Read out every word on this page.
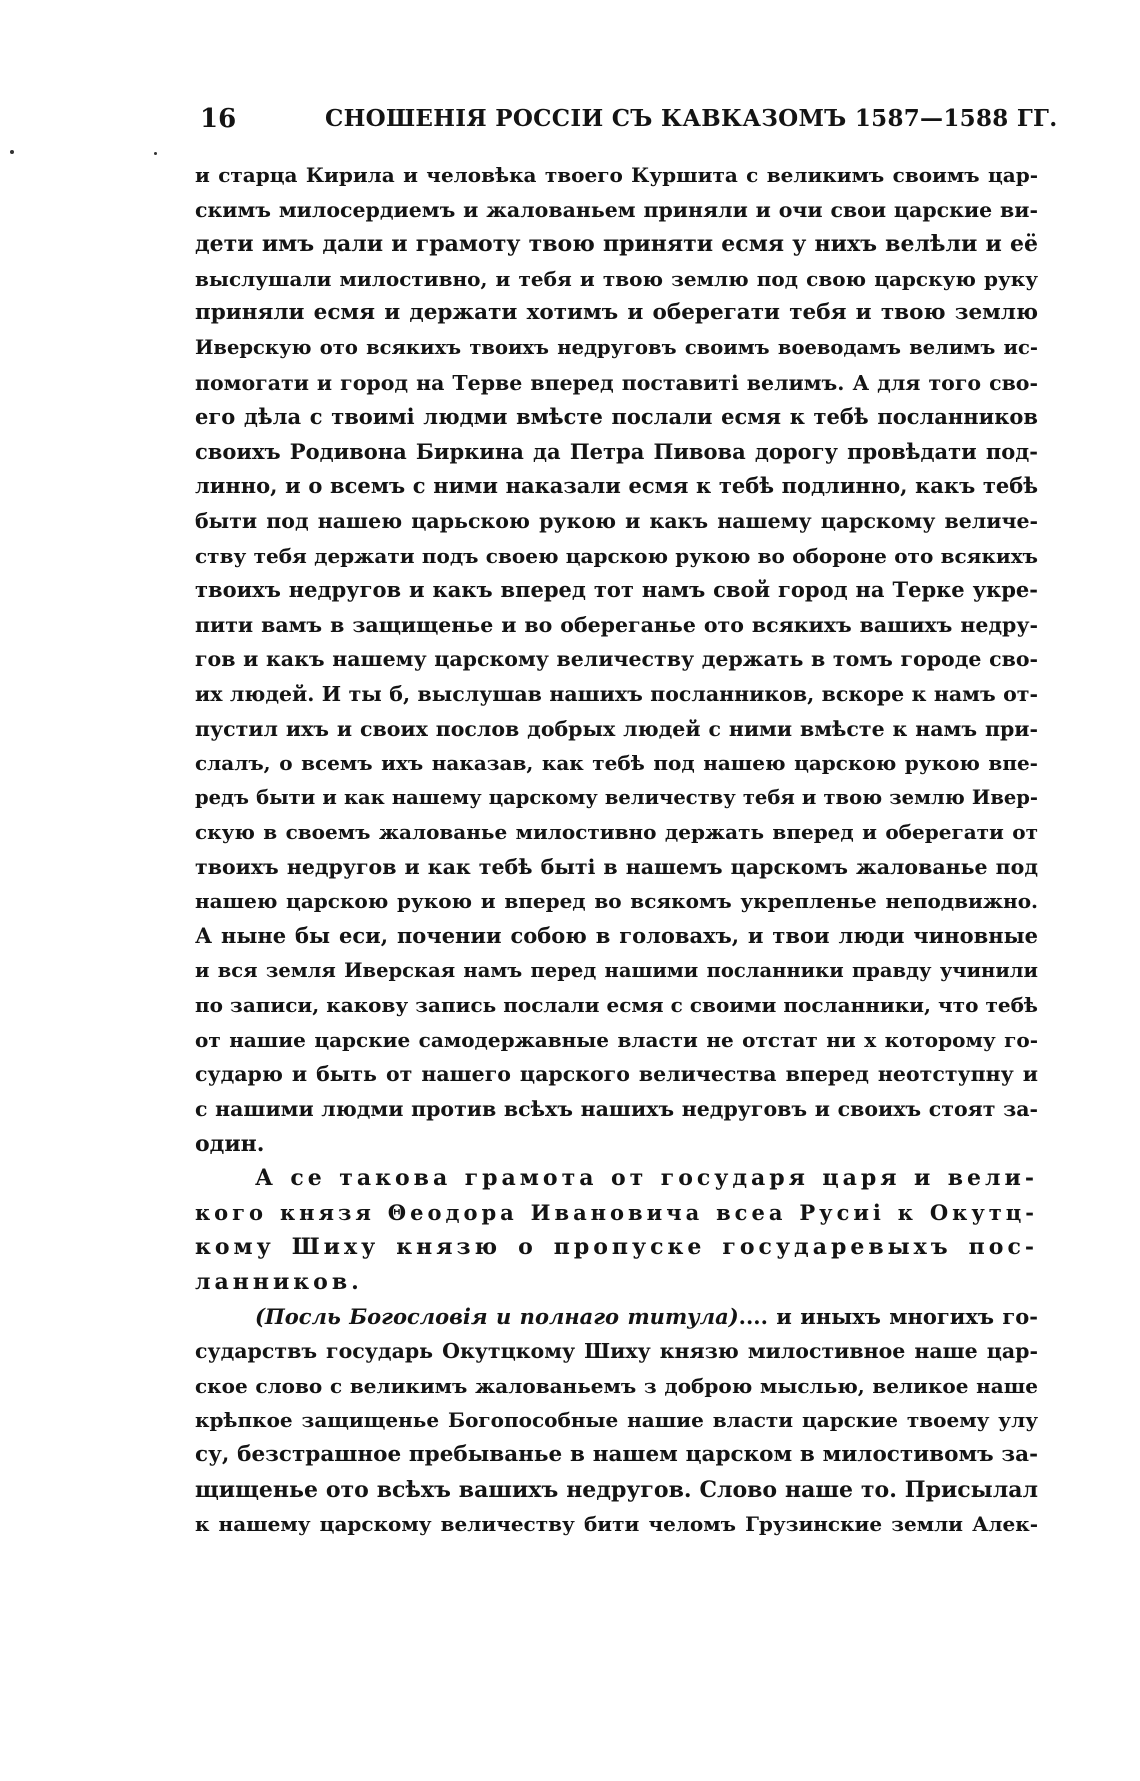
16	СНОШЕНІЯ РОССІИ СЪ КАВКАЗОМЪ 1587—1588 ГГ.
и старца Кирила и человѣка твоего Куршита с великимъ своимъ цар-
скимъ милосердиемъ и жалованьем приняли и очи свои царские ви-
дети имъ дали и грамоту твою приняти есмя у нихъ велѣли и её
выслушали милостивно, и тебя и твою землю под свою царскую руку
приняли есмя и держати хотимъ и оберегати тебя и твою землю
Иверскую ото всякихъ твоихъ недруговъ своимъ воеводамъ велимъ ис-
помогати и город на Терве вперед поставиті велимъ. А для того сво-
его дѣла с твоимі людми вмѣсте послали есмя к тебѣ посланников
своихъ Родивона Биркина да Петра Пивова дорогу провѣдати под-
линно, и о всемъ с ними наказали есмя к тебѣ подлинно, какъ тебѣ
быти под нашею царьскою рукою и какъ нашему царскому величе-
ству тебя держати подъ своею царскою рукою во обороне ото всякихъ
твоихъ недругов и какъ вперед тот намъ свой город на Терке укре-
пити вамъ в защищенье и во обереганье ото всякихъ вашихъ недру-
гов и какъ нашему царскому величеству держать в томъ городе сво-
их людей. И ты б, выслушав нашихъ посланников, вскоре к намъ от-
пустил ихъ и своих послов добрых людей с ними вмѣсте к намъ при-
слалъ, о всемъ ихъ наказав, как тебѣ под нашею царскою рукою впе-
редъ быти и как нашему царскому величеству тебя и твою землю Ивер-
скую в своемъ жалованье милостивно держать вперед и оберегати от
твоихъ недругов и как тебѣ быті в нашемъ царскомъ жалованье под
нашею царскою рукою и вперед во всякомъ укрепленье неподвижно.
А ныне бы еси, почении собою в головахъ, и твои люди чиновные
и вся земля Иверская намъ перед нашими посланники правду учинили
по записи, какову запись послали есмя с своими посланники, что тебѣ
от нашие царские самодержавные власти не отстат ни х которому го-
сударю и быть от нашего царского величества вперед неотступну и
с нашими людми против всѣхъ нашихъ недруговъ и своихъ стоят за-
один.
А се такова грамота от государя царя и вели-
кого князя Θеодора Ивановича всеа Русиі к Окутц-
кому Шиху князю о пропуске государевыхъ пос-
ланников.
(Посль Богословія и полнаго титула).... и иныхъ многихъ го-
сударствъ государь Окутцкому Шиху князю милостивное наше цар-
ское слово с великимъ жалованьемъ з доброю мыслью, великое наше
крѣпкое защищенье Богопособные нашие власти царские твоему улу
су, безстрашное пребыванье в нашем царском в милостивомъ за-
щищенье ото всѣхъ вашихъ недругов. Слово наше то. Присылал
к нашему царскому величеству бити челомъ Грузинские земли Алек-
